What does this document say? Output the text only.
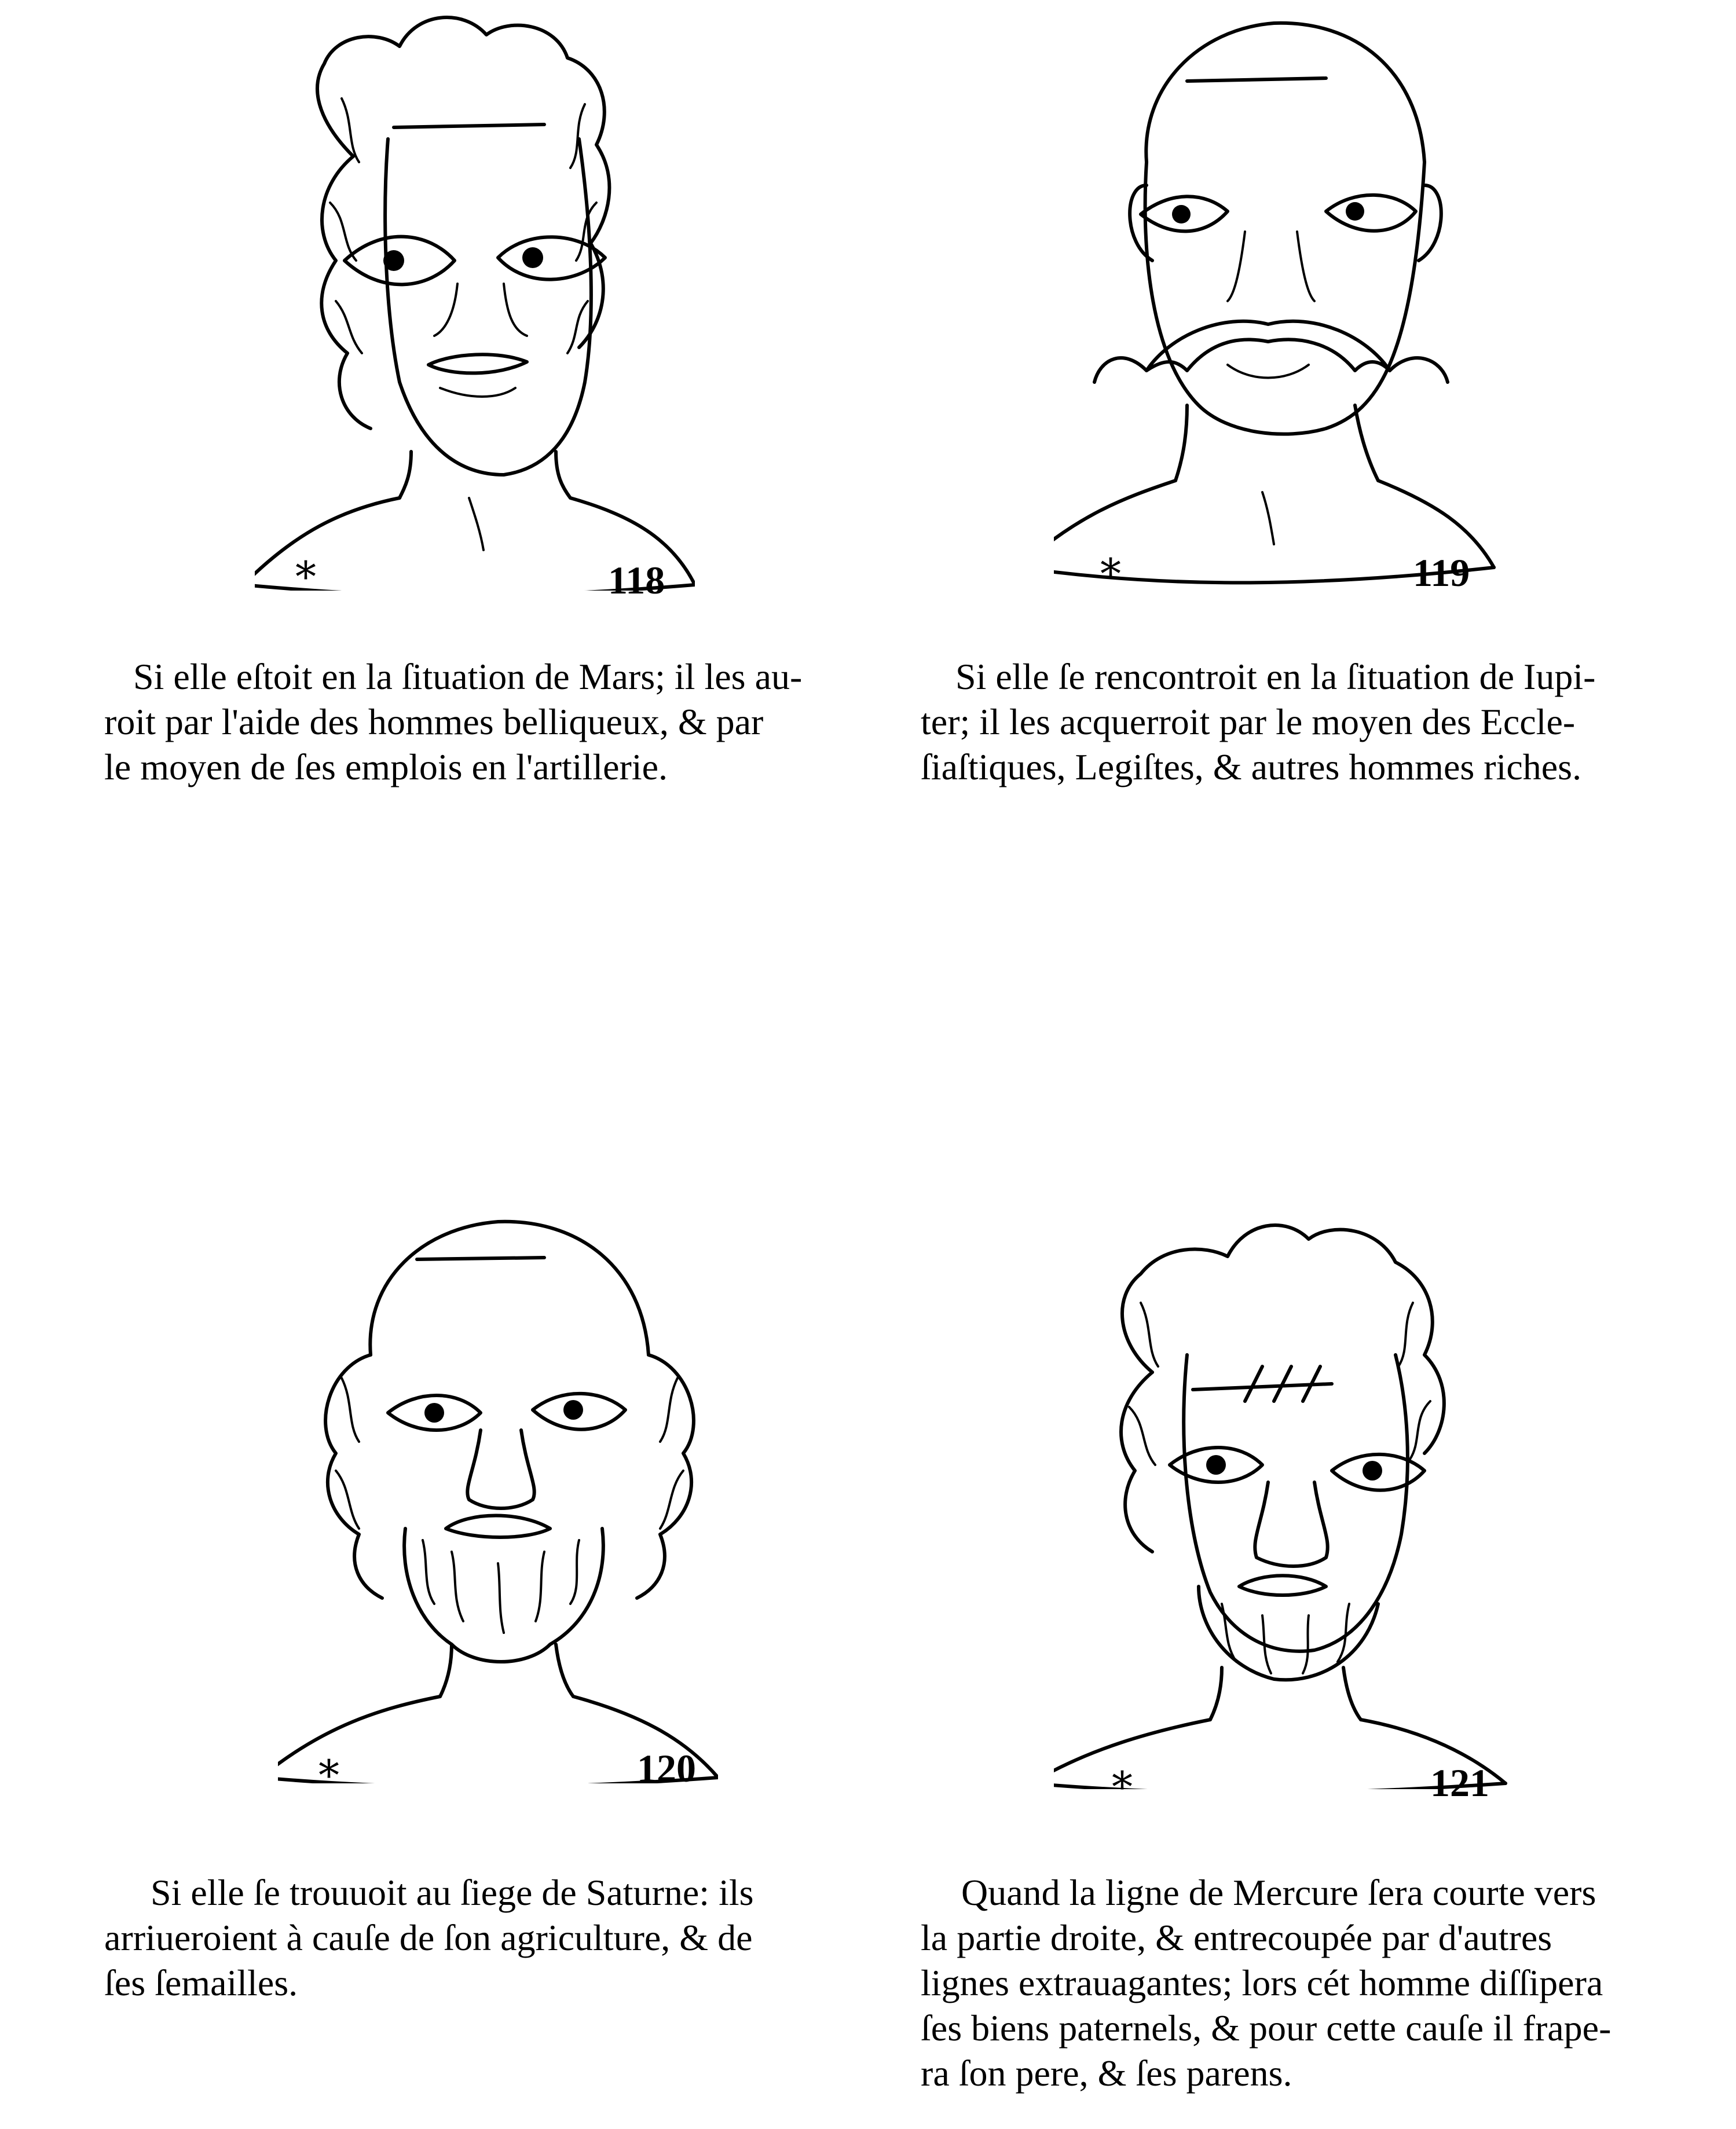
*	118
Si elle eſtoit en la ſituation de Mars; il les au-
roit par l'aide des hommes belliqueux, & par
le moyen de ſes emplois en l'artillerie.
*	119
Si elle ſe rencontroit en la ſituation de Iupi-
ter; il les acquerroit par le moyen des Eccle-
ſiaſtiques, Legiſtes, & autres hommes riches.
*	120
Si elle ſe trouuoit au ſiege de Saturne: ils
arriueroient à cauſe de ſon agriculture, & de
ſes ſemailles.
*	121
Quand la ligne de Mercure ſera courte vers
la partie droite, & entrecoupée par d'autres
lignes extrauagantes; lors cét homme diſſipera
ſes biens paternels, & pour cette cauſe il frape-
ra ſon pere, & ſes parens.
